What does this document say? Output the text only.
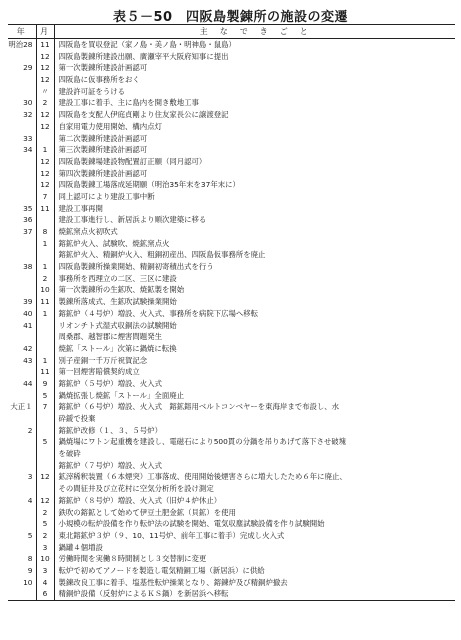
表５－50　四阪島製錬所の施設の変遷
年	月	主　な　で　き　ご　と
明治28	11	四阪島を買収登記（家ノ島・美ノ島・明神島・鼠島）
	12	四阪島製錬所建設出願、廣瀬宰平大阪府知事に提出
29	12	第一次製錬所建設計画認可
	12	四阪島に仮事務所をおく
	〃	建設許可証をうける
30	2	建設工事に着手、主に島内を開き敷地工事
32	12	四阪島を支配人伊庭貞剛より住友家長公に譲渡登記
	12	自家用電力使用開始、構内点灯
33		第二次製錬所建設計画認可
34	1	第三次製錬所建設計画認可
	12	四阪島製錬場建設物配置訂正願（同月認可）
	12	第四次製錬所建設計画認可
	12	四阪島製錬工場落成延期願（明治35年末を37年末に）
	7	同上認可により建設工事中断
35	11	建設工事再開
36		建設工事進行し、新居浜より順次建築に移る
37	8	焼鉱窯点火初吹式
	1	鎔鉱炉火入、試験吹、焼鉱窯点火
		鎔鉱炉火入、精銅炉火入、粗銅初産出、四阪島仮事務所を廃止
38	1	四阪島製錬所操業開始、精銅初寄積出式を行う
	2	事務所を西理立の二区、三区に建設
	10	第一次製錬所の生鉱吹、焼鉱製を開始
39	11	製錬所落成式、生鉱吹試験操業開始
40	1	鎔鉱炉（４号炉）増設、火入式、事務所を病院下広場へ移転
41		リオンチト式湿式収銅法の試験開始
		周桑郡、越智郡に煙害問題発生
42		焼鉱「ストール」次第に鍋焼に転換
43	1	別子産銅一千万斤祝賀記念
	11	第一回煙害賠償契約成立
44	9	鎔鉱炉（５号炉）増設、火入式
	5	鍋焼拡張し焼鉱「ストール」全面廃止
大正１	7	鎔鉱炉（６号炉）増設、火入式　鎔鉱鎔用ベルトコンベヤーを東海岸まで布設し、水
		砕鍰で投棄
2		鎔鉱炉改修（１、３、５号炉）
	5	鍋焼場にワトン起重機を建設し、電磁石により500貫の分鍋を吊りあげて落下させ破塊
		を破砕
		鎔鉱炉（７号炉）増設、火入式
3	12	鉱滓稀釈装置（６本煙突）工事落成、使用開始後煙害さらに増大したため６年に廃止、
		その間征井及び立花村に空気分析所を設け測定
4	12	鎔鉱炉（８号炉）増設、火入式（旧炉４炉休止）
	2	鉄吹の鎔鉱として始めて伊豆土肥金鉱（貝鉱）を使用
	5	小規模の転炉設備を作り転炉法の試験を開始、電気収塵試験設備を作り試験開始
5	2	東北鎔鉱炉３炉（９、10、11号炉、前年工事に着手）完成し火入式
	3	鍋罐４個増設
8	10	労働時間を実働８時間制とし３交替制に変更
9	3	転炉で初めてアノードを製造し電気精銅工場（新居浜）に供給
10	4	製鍊改良工事に着手、塩基性転炉操業となり、鎔鍊炉及び精銅炉撤去
	6	精銅炉設備（反射炉によるＫＳ鍋）を新居浜へ移転
